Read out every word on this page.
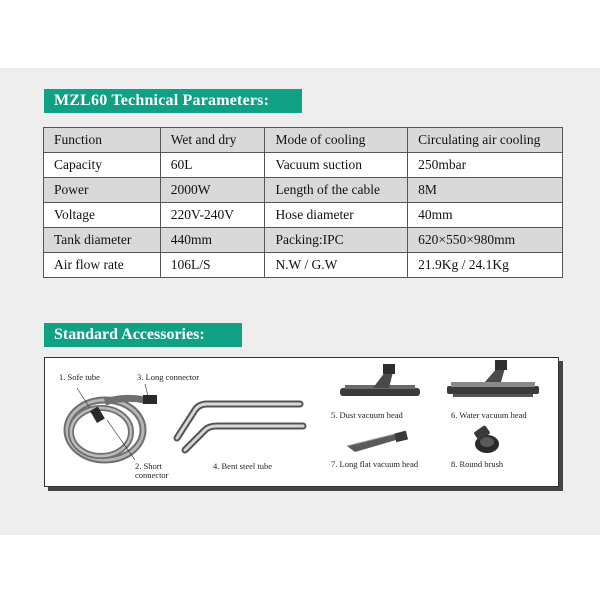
MZL60 Technical Parameters:
Function	Wet and dry	Mode of cooling	Circulating air cooling
Capacity	60L	Vacuum suction	250mbar
Power	2000W	Length of the cable	8M
Voltage	220V-240V	Hose diameter	40mm
Tank diameter	440mm	Packing:IPC	620×550×980mm
Air flow rate	106L/S	N.W / G.W	21.9Kg / 24.1Kg
Standard Accessories:
1. Sofe tube	3. Long connector
2. Short
connector
4. Bent steel tube
5. Dust vacuum head	6. Water vacuum head
7. Long flat vacuum head	8. Round brush
